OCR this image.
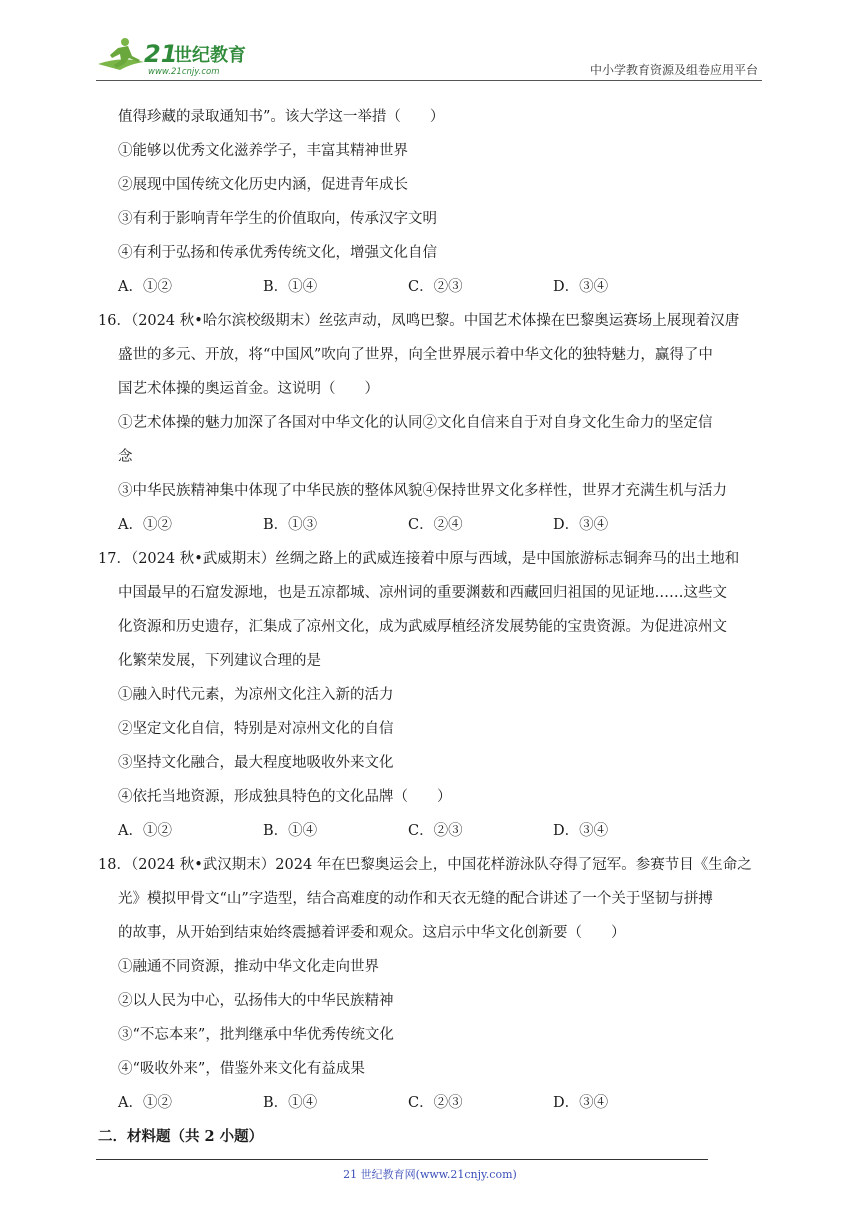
21
世纪教育
www.21cnjy.com	中小学教育资源及组卷应用平台
值得珍藏的录取通知书”。该大学这一举措（　　）
①能够以优秀文化滋养学子，丰富其精神世界
②展现中国传统文化历史内涵，促进青年成长
③有利于影响青年学生的价值取向，传承汉字文明
④有利于弘扬和传承优秀传统文化，增强文化自信
A．①②	B．①④	C．②③	D．③④
16．（2024 秋•哈尔滨校级期末）丝弦声动，凤鸣巴黎。中国艺术体操在巴黎奥运赛场上展现着汉唐
盛世的多元、开放，将“中国风”吹向了世界，向全世界展示着中华文化的独特魅力，赢得了中
国艺术体操的奥运首金。这说明（　　）
①艺术体操的魅力加深了各国对中华文化的认同②文化自信来自于对自身文化生命力的坚定信
念
③中华民族精神集中体现了中华民族的整体风貌④保持世界文化多样性，世界才充满生机与活力
A．①②	B．①③	C．②④	D．③④
17．（2024 秋•武威期末）丝绸之路上的武威连接着中原与西域，是中国旅游标志铜奔马的出土地和
中国最早的石窟发源地，也是五凉都城、凉州词的重要渊薮和西藏回归祖国的见证地……这些文
化资源和历史遗存，汇集成了凉州文化，成为武威厚植经济发展势能的宝贵资源。为促进凉州文
化繁荣发展，下列建议合理的是
①融入时代元素，为凉州文化注入新的活力
②坚定文化自信，特别是对凉州文化的自信
③坚持文化融合，最大程度地吸收外来文化
④依托当地资源，形成独具特色的文化品牌（　　）
A．①②	B．①④	C．②③	D．③④
18．（2024 秋•武汉期末）2024 年在巴黎奥运会上，中国花样游泳队夺得了冠军。参赛节目《生命之
光》模拟甲骨文“山”字造型，结合高难度的动作和天衣无缝的配合讲述了一个关于坚韧与拼搏
的故事，从开始到结束始终震撼着评委和观众。这启示中华文化创新要（　　）
①融通不同资源，推动中华文化走向世界
②以人民为中心，弘扬伟大的中华民族精神
③“不忘本来”，批判继承中华优秀传统文化
④“吸收外来”，借鉴外来文化有益成果
A．①②	B．①④	C．②③	D．③④
二．材料题（共 2 小题）
21 世纪教育网(www.21cnjy.com)
